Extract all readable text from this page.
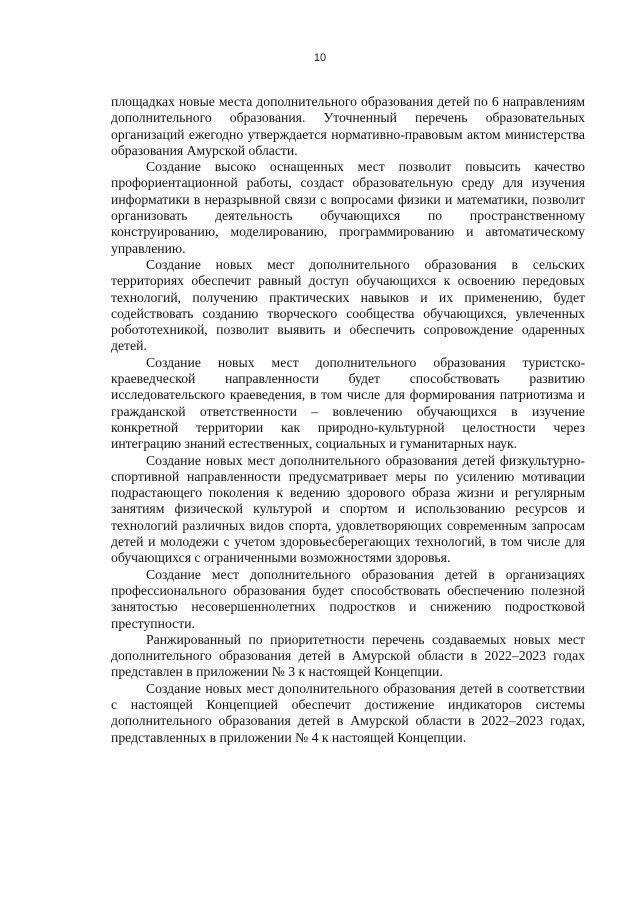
10

площадках новые места дополнительного образования детей по 6 направлениям дополнительного образования. Уточненный перечень образовательных организаций ежегодно утверждается нормативно-правовым актом министерства образования Амурской области.

Создание высоко оснащенных мест позволит повысить качество профориентационной работы, создаст образовательную среду для изучения информатики в неразрывной связи с вопросами физики и математики, позволит организовать деятельность обучающихся по пространственному конструированию, моделированию, программированию и автоматическому управлению.

Создание новых мест дополнительного образования в сельских территориях обеспечит равный доступ обучающихся к освоению передовых технологий, получению практических навыков и их применению, будет содействовать созданию творческого сообщества обучающихся, увлеченных робототехникой, позволит выявить и обеспечить сопровождение одаренных детей.

Создание новых мест дополнительного образования туристско-краеведческой направленности будет способствовать развитию исследовательского краеведения, в том числе для формирования патриотизма и гражданской ответственности – вовлечению обучающихся в изучение конкретной территории как природно-культурной целостности через интеграцию знаний естественных, социальных и гуманитарных наук.

Создание новых мест дополнительного образования детей физкультурно-спортивной направленности предусматривает меры по усилению мотивации подрастающего поколения к ведению здорового образа жизни и регулярным занятиям физической культурой и спортом и использованию ресурсов и технологий различных видов спорта, удовлетворяющих современным запросам детей и молодежи с учетом здоровьесберегающих технологий, в том числе для обучающихся с ограниченными возможностями здоровья.

Создание мест дополнительного образования детей в организациях профессионального образования будет способствовать обеспечению полезной занятостью несовершеннолетних подростков и снижению подростковой преступности.

Ранжированный по приоритетности перечень создаваемых новых мест дополнительного образования детей в Амурской области в 2022–2023 годах представлен в приложении № 3 к настоящей Концепции.

Создание новых мест дополнительного образования детей в соответствии с настоящей Концепцией обеспечит достижение индикаторов системы дополнительного образования детей в Амурской области в 2022–2023 годах, представленных в приложении № 4 к настоящей Концепции.
